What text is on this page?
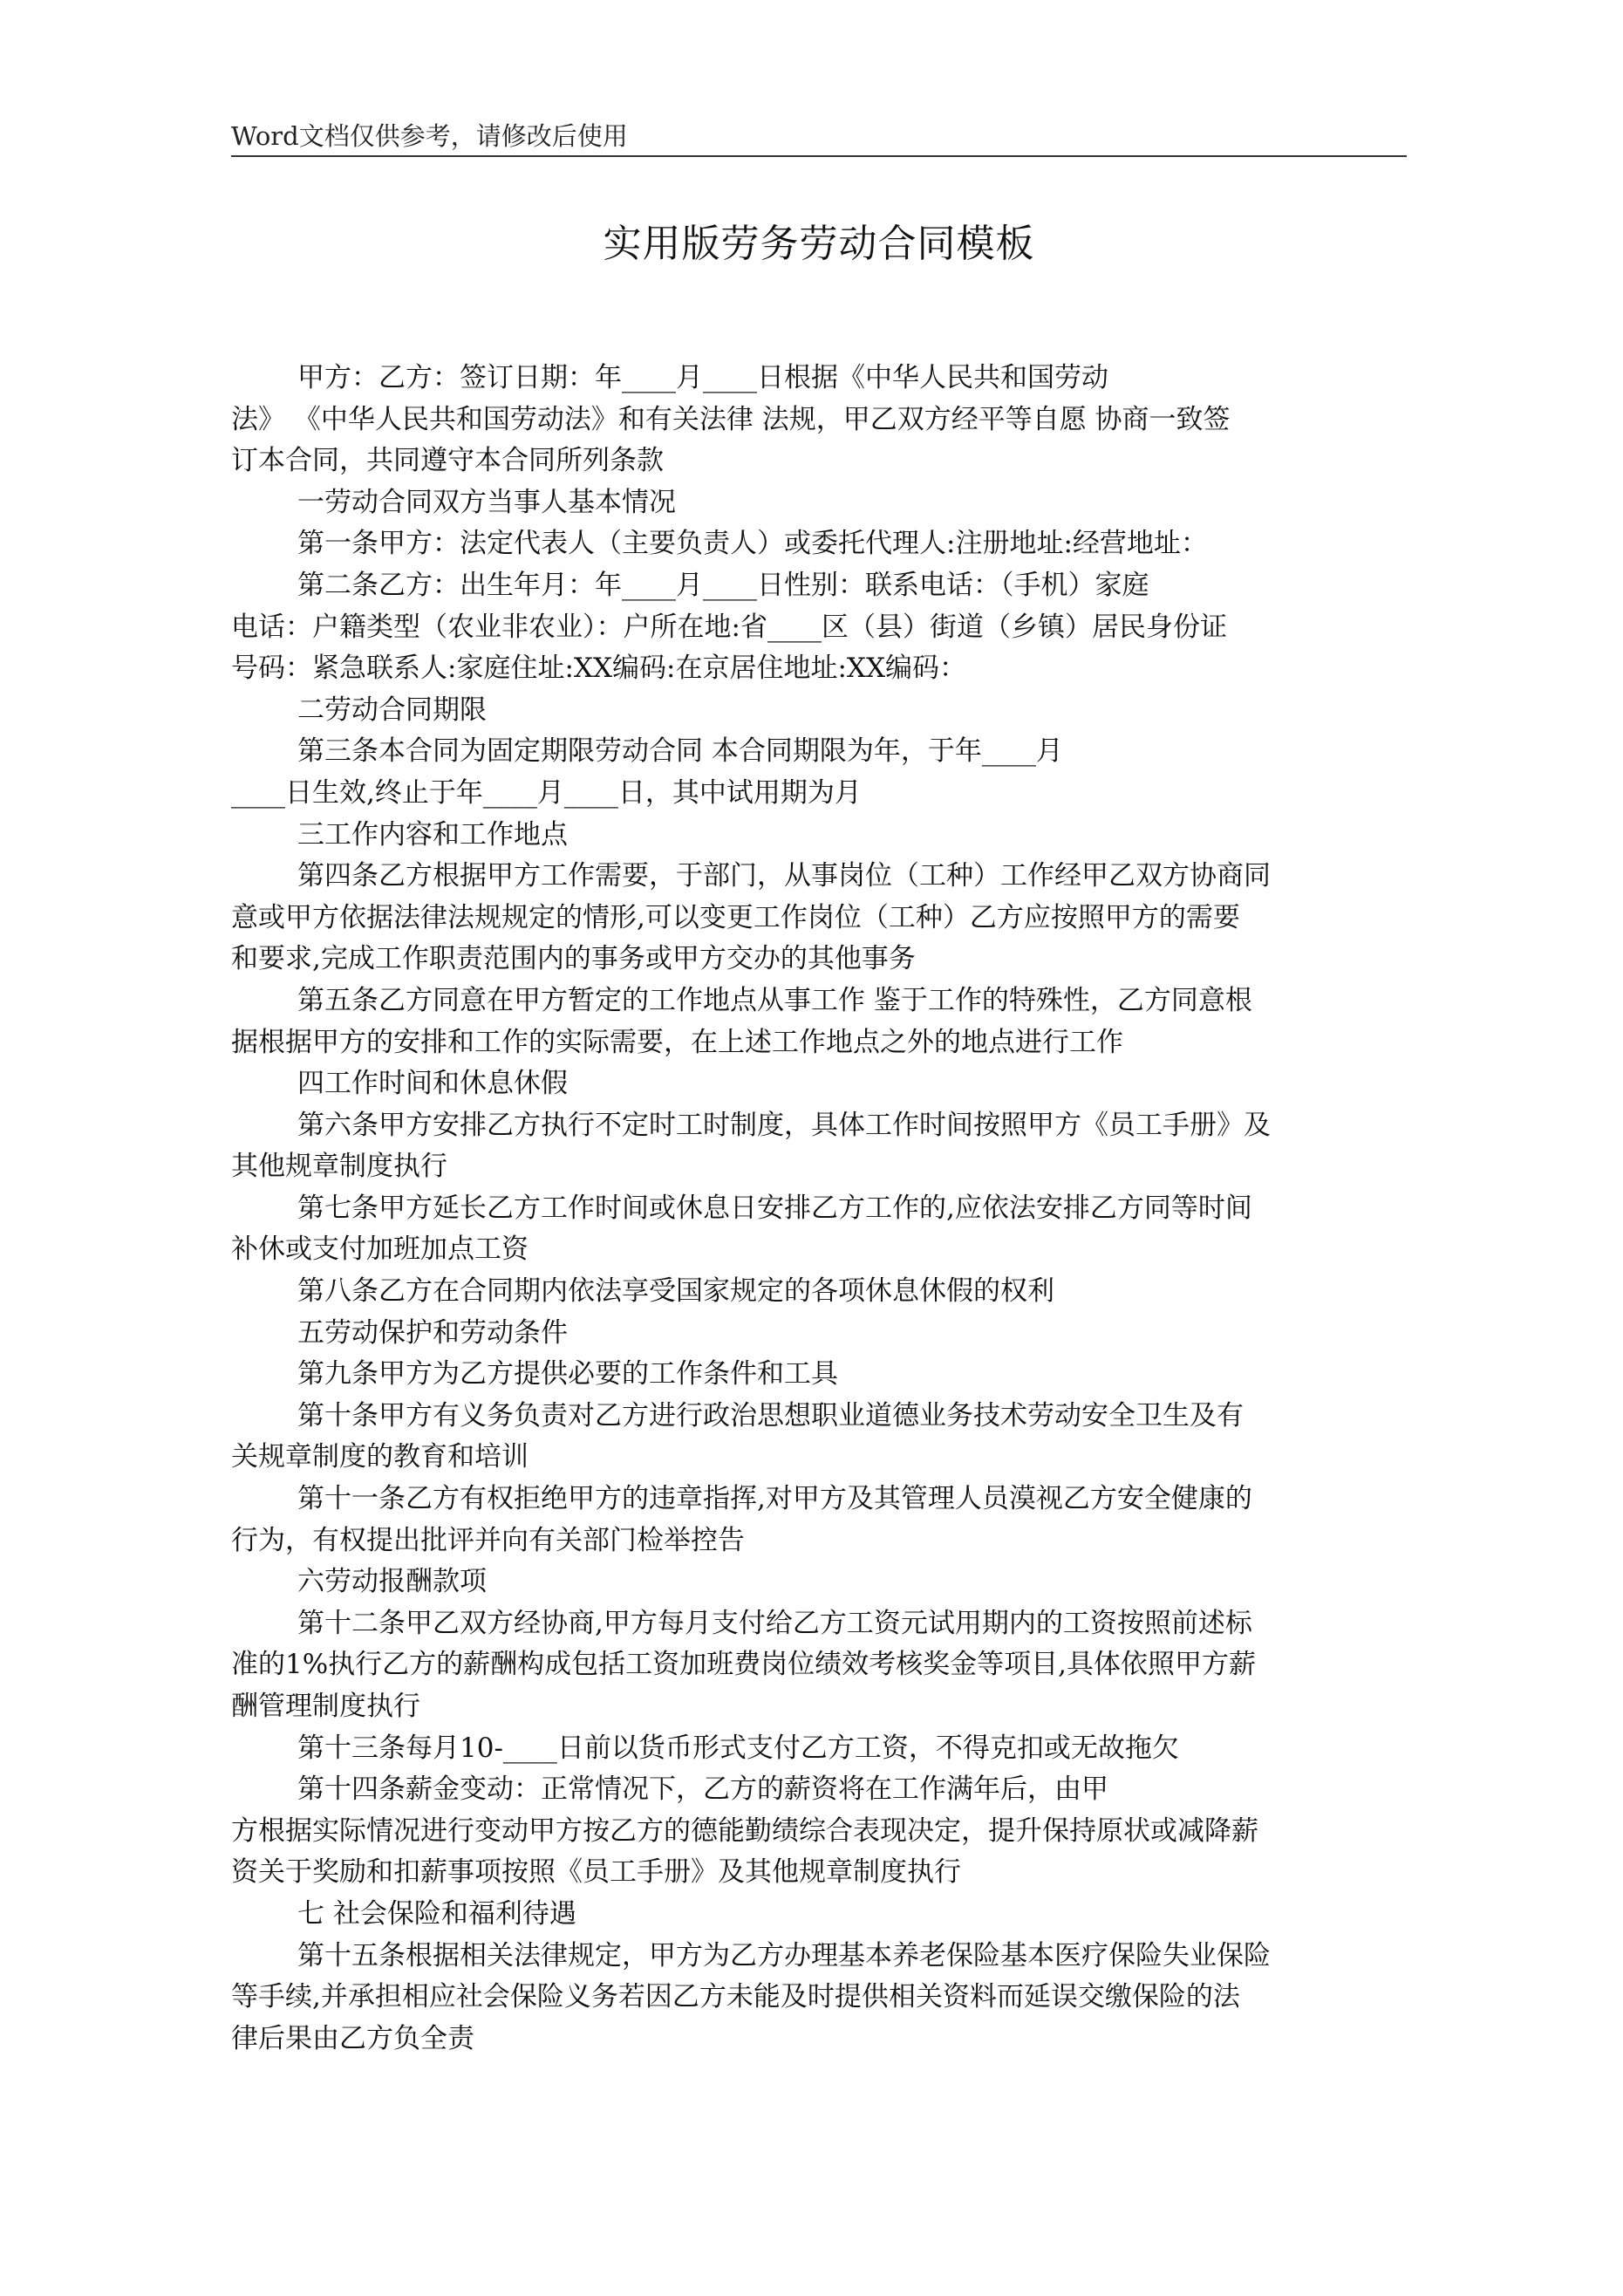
Word文档仅供参考，请修改后使用
实用版劳务劳动合同模板
甲方：乙方：签订日期：年____月____日根据《中华人民共和国劳动
法》 《中华人民共和国劳动法》和有关法律 法规，甲乙双方经平等自愿 协商一致签
订本合同，共同遵守本合同所列条款
一劳动合同双方当事人基本情况
第一条甲方：法定代表人（主要负责人）或委托代理人:注册地址:经营地址：
第二条乙方：出生年月：年____月____日性别：联系电话：（手机）家庭
电话：户籍类型（农业非农业）：户所在地:省____区（县）街道（乡镇）居民身份证
号码：紧急联系人:家庭住址:XX编码:在京居住地址:XX编码：
二劳动合同期限
第三条本合同为固定期限劳动合同 本合同期限为年，于年____月
____日生效,终止于年____月____日，其中试用期为月
三工作内容和工作地点
第四条乙方根据甲方工作需要，于部门，从事岗位（工种）工作经甲乙双方协商同
意或甲方依据法律法规规定的情形,可以变更工作岗位（工种）乙方应按照甲方的需要
和要求,完成工作职责范围内的事务或甲方交办的其他事务
第五条乙方同意在甲方暂定的工作地点从事工作 鉴于工作的特殊性，乙方同意根
据根据甲方的安排和工作的实际需要，在上述工作地点之外的地点进行工作
四工作时间和休息休假
第六条甲方安排乙方执行不定时工时制度，具体工作时间按照甲方《员工手册》及
其他规章制度执行
第七条甲方延长乙方工作时间或休息日安排乙方工作的,应依法安排乙方同等时间
补休或支付加班加点工资
第八条乙方在合同期内依法享受国家规定的各项休息休假的权利
五劳动保护和劳动条件
第九条甲方为乙方提供必要的工作条件和工具
第十条甲方有义务负责对乙方进行政治思想职业道德业务技术劳动安全卫生及有
关规章制度的教育和培训
第十一条乙方有权拒绝甲方的违章指挥,对甲方及其管理人员漠视乙方安全健康的
行为，有权提出批评并向有关部门检举控告
六劳动报酬款项
第十二条甲乙双方经协商,甲方每月支付给乙方工资元试用期内的工资按照前述标
准的1%执行乙方的薪酬构成包括工资加班费岗位绩效考核奖金等项目,具体依照甲方薪
酬管理制度执行
第十三条每月10-____日前以货币形式支付乙方工资，不得克扣或无故拖欠
第十四条薪金变动：正常情况下，乙方的薪资将在工作满年后，由甲
方根据实际情况进行变动甲方按乙方的德能勤绩综合表现决定，提升保持原状或减降薪
资关于奖励和扣薪事项按照《员工手册》及其他规章制度执行
七 社会保险和福利待遇
第十五条根据相关法律规定，甲方为乙方办理基本养老保险基本医疗保险失业保险
等手续,并承担相应社会保险义务若因乙方未能及时提供相关资料而延误交缴保险的法
律后果由乙方负全责
